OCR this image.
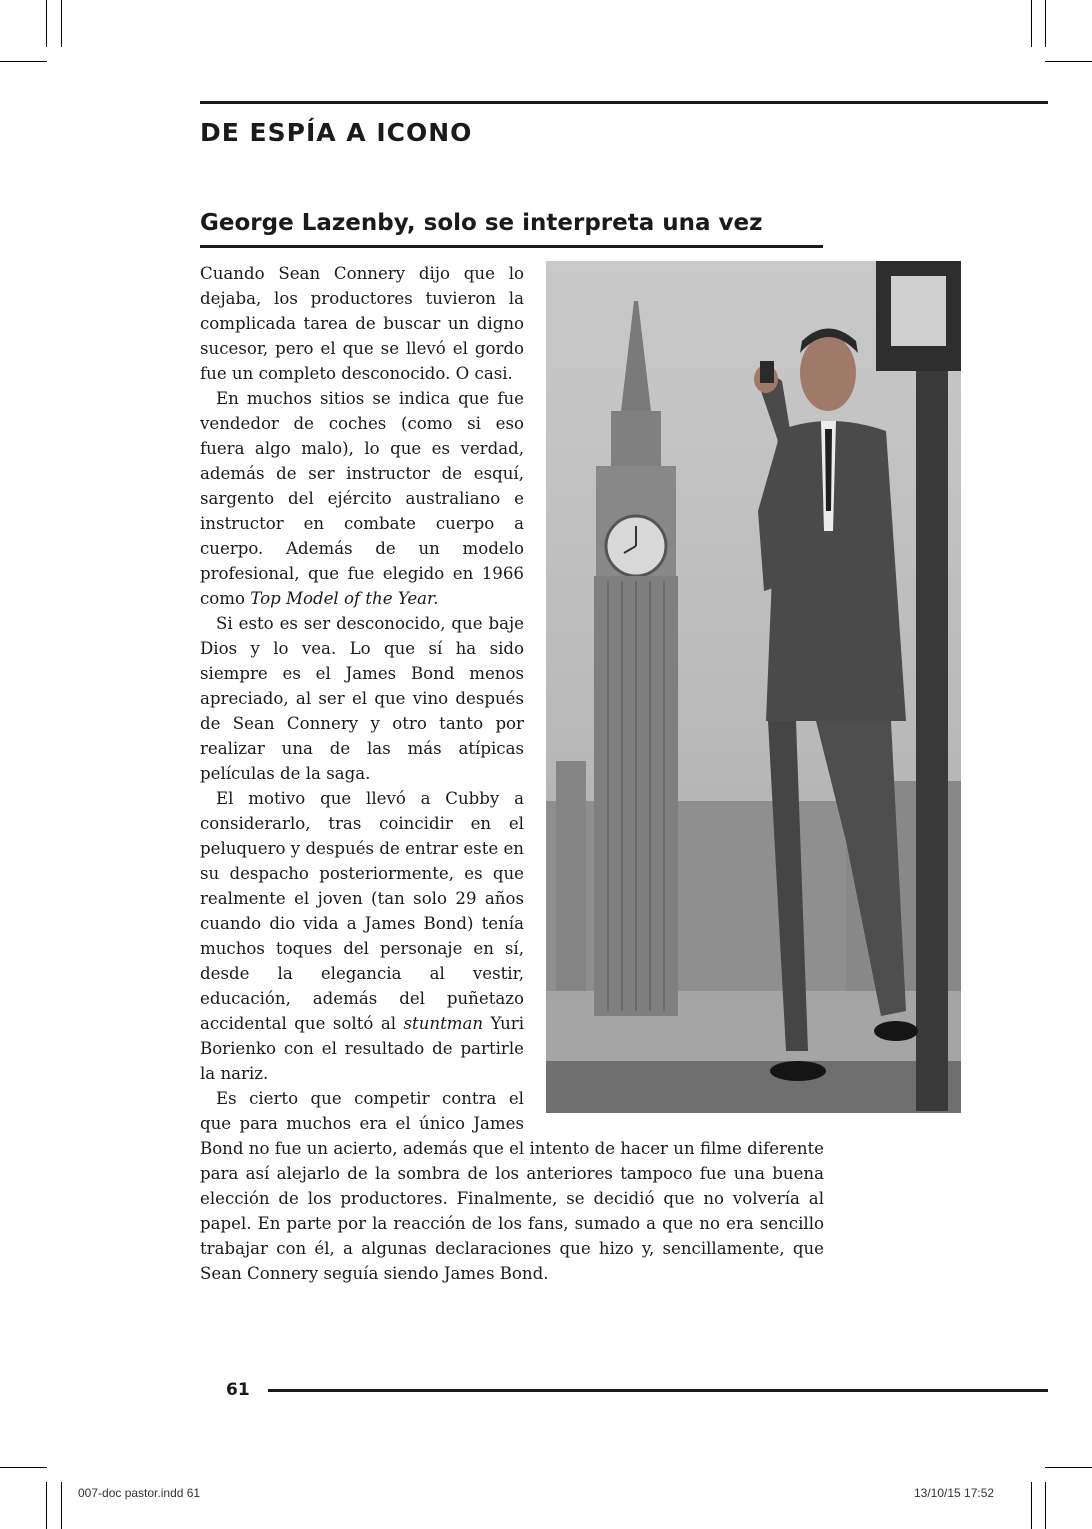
DE ESPÍA A ICONO
George Lazenby, solo se interpreta una vez

Cuando Sean Connery dijo que lo dejaba, los productores tuvieron la complicada tarea de buscar un digno sucesor, pero el que se llevó el gordo fue un completo desconocido. O casi.

En muchos sitios se indica que fue vendedor de coches (como si eso fuera algo malo), lo que es verdad, además de ser instructor de esquí, sargento del ejército australiano e instructor en combate cuerpo a cuerpo. Además de un modelo profesional, que fue elegido en 1966 como Top Model of the Year.

Si esto es ser desconocido, que baje Dios y lo vea. Lo que sí ha sido siempre es el James Bond menos apreciado, al ser el que vino después de Sean Connery y otro tanto por realizar una de las más atípicas películas de la saga.

El motivo que llevó a Cubby a considerarlo, tras coincidir en el peluquero y después de entrar este en su despacho posteriormente, es que realmente el joven (tan solo 29 años cuando dio vida a James Bond) tenía muchos toques del personaje en sí, desde la elegancia al vestir, educación, además del puñetazo accidental que soltó al stuntman Yuri Borienko con el resultado de partirle la nariz.

Es cierto que competir contra el que para muchos era el único James Bond no fue un acierto, además que el intento de hacer un filme diferente para así alejarlo de la sombra de los anteriores tampoco fue una buena elección de los productores. Finalmente, se decidió que no volvería al papel. En parte por la reacción de los fans, sumado a que no era sencillo trabajar con él, a algunas declaraciones que hizo y, sencillamente, que Sean Connery seguía siendo James Bond.

61
007-doc pastor.indd 61	13/10/15 17:52
